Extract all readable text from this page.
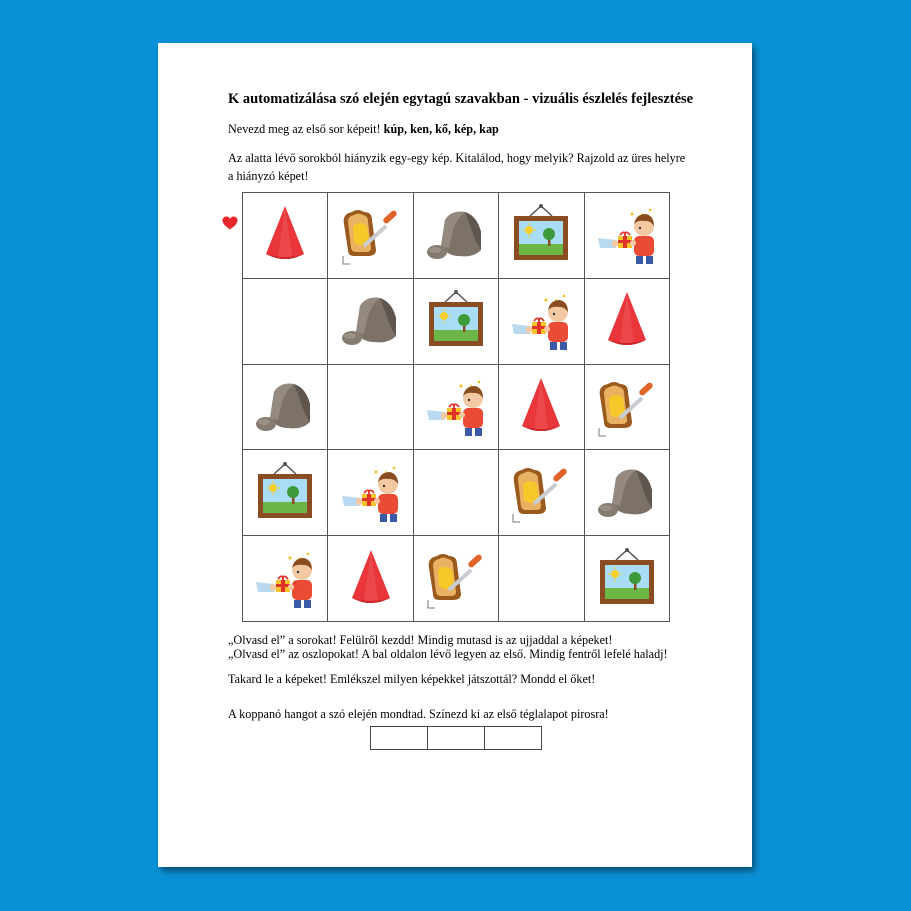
K automatizálása szó elején egytagú szavakban - vizuális észlelés fejlesztése
Nevezd meg az első sor képeit! kúp, ken, kő, kép, kap
Az alatta lévő sorokból hiányzik egy-egy kép. Kitalálod, hogy melyik? Rajzold az üres helyre
a hiányzó képet!
„Olvasd el” a sorokat! Felülről kezdd! Mindig mutasd is az ujjaddal a képeket!
„Olvasd el” az oszlopokat! A bal oldalon lévő legyen az első. Mindig fentről lefelé haladj!
Takard le a képeket! Emlékszel milyen képekkel játszottál? Mondd el őket!
A koppanó hangot a szó elején mondtad. Színezd ki az első téglalapot pirosra!
